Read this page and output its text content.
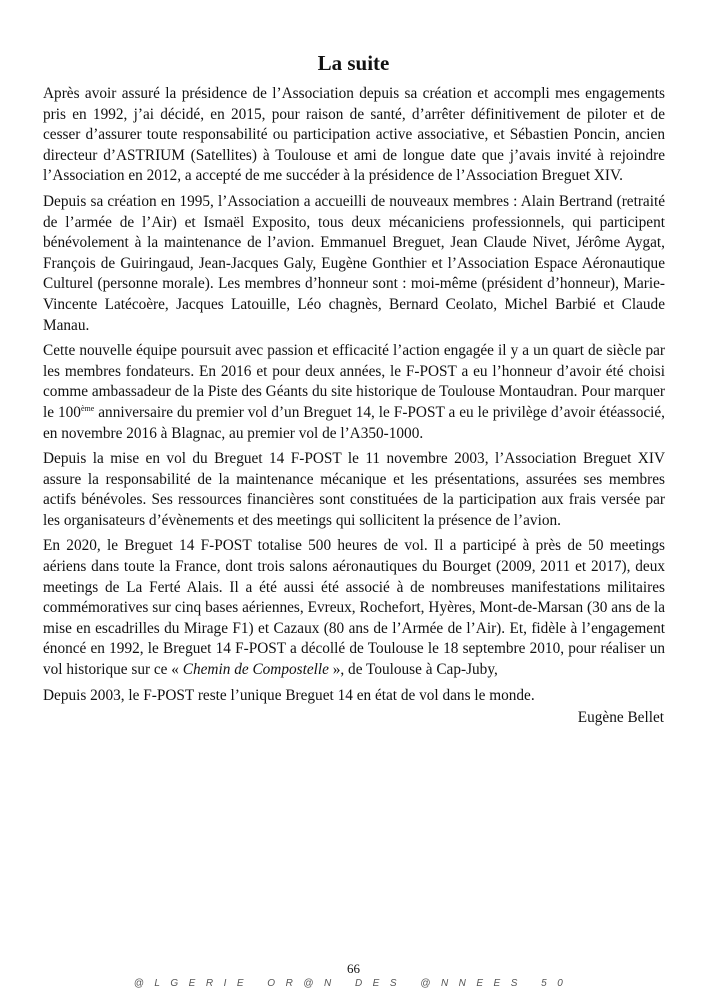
La suite

Après avoir assuré la présidence de l’Association depuis sa création et accompli mes engagements pris en 1992, j’ai décidé, en 2015, pour raison de santé, d’arrêter définitivement de piloter et de cesser d’assurer toute responsabilité ou participation active associative, et Sébastien Poncin, ancien directeur d’ASTRIUM (Satellites) à Toulouse et ami de longue date que j’avais invité à rejoindre l’Association en 2012, a accepté de me succéder à la présidence de l’Association Breguet XIV.

Depuis sa création en 1995, l’Association a accueilli de nouveaux membres : Alain Bertrand (retraité de l’armée de l’Air) et Ismaël Exposito, tous deux mécaniciens professionnels, qui participent bénévolement à la maintenance de l’avion. Emmanuel Breguet, Jean Claude Nivet, Jérôme Aygat, François de Guiringaud, Jean-Jacques Galy, Eugène Gonthier et l’Association Espace Aéronautique Culturel (personne morale). Les membres d’honneur sont : moi-même (président d’honneur), Marie-Vincente Latécoère, Jacques Latouille, Léo chagnès, Bernard Ceolato, Michel Barbié et Claude Manau.

Cette nouvelle équipe poursuit avec passion et efficacité l’action engagée il y a un quart de siècle par les membres fondateurs. En 2016 et pour deux années, le F-POST a eu l’honneur d’avoir été choisi comme ambassadeur de la Piste des Géants du site historique de Toulouse Montaudran. Pour marquer le 100ème anniversaire du premier vol d’un Breguet 14, le F-POST a eu le privilège d’avoir étéassocié, en novembre 2016 à Blagnac, au premier vol de l’A350-1000.

Depuis la mise en vol du Breguet 14 F-POST le 11 novembre 2003, l’Association Breguet XIV assure la responsabilité de la maintenance mécanique et les présentations, assurées ses membres actifs bénévoles. Ses ressources financières sont constituées de la participation aux frais versée par les organisateurs d’évènements et des meetings qui sollicitent la présence de l’avion.

En 2020, le Breguet 14 F-POST totalise 500 heures de vol. Il a participé à près de 50 meetings aériens dans toute la France, dont trois salons aéronautiques du Bourget (2009, 2011 et 2017), deux meetings de La Ferté Alais. Il a été aussi été associé à de nombreuses manifestations militaires commémoratives sur cinq bases aériennes, Evreux, Rochefort, Hyères, Mont-de-Marsan (30 ans de la mise en escadrilles du Mirage F1) et Cazaux (80 ans de l’Armée de l’Air). Et, fidèle à l’engagement énoncé en 1992, le Breguet 14 F-POST a décollé de Toulouse le 18 septembre 2010, pour réaliser un vol historique sur ce « Chemin de Compostelle », de Toulouse à Cap-Juby,

Depuis 2003, le F-POST reste l’unique Breguet 14 en état de vol dans le monde.

Eugène Bellet
66
@LGERIE OR@N DES @NNEES 50
